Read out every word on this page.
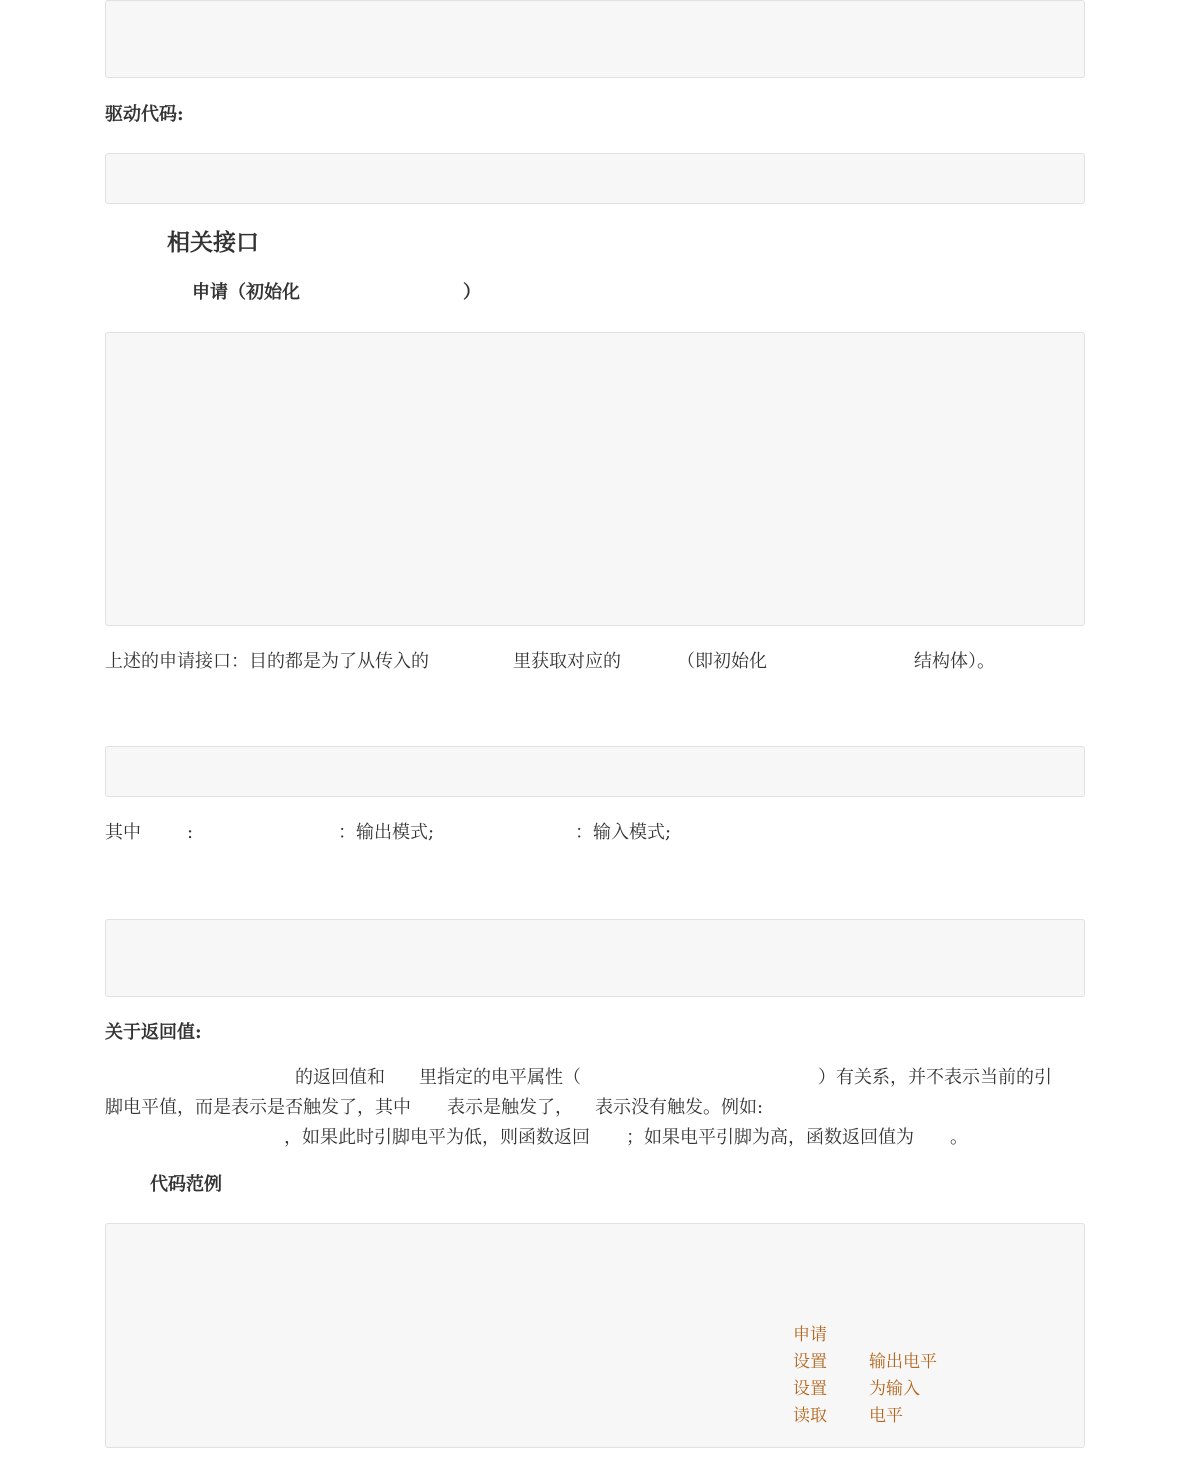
驱动代码:
相关接口
申请（初始化	）
上述的申请接口：目的都是为了从传入的	里获取对应的	（即初始化	结构体）。
其中	:	：输出模式;	：输入模式;
关于返回值:
的返回值和 里指定的电平属性（	）有关系，并不表示当前的引
脚电平值，而是表示是否触发了，其中 表示是触发了， 表示没有触发。例如:
，如果此时引脚电平为低，则函数返回 ；如果电平引脚为高，函数返回值为 。
代码范例
申请
设置 输出电平
设置 为输入
读取 电平
